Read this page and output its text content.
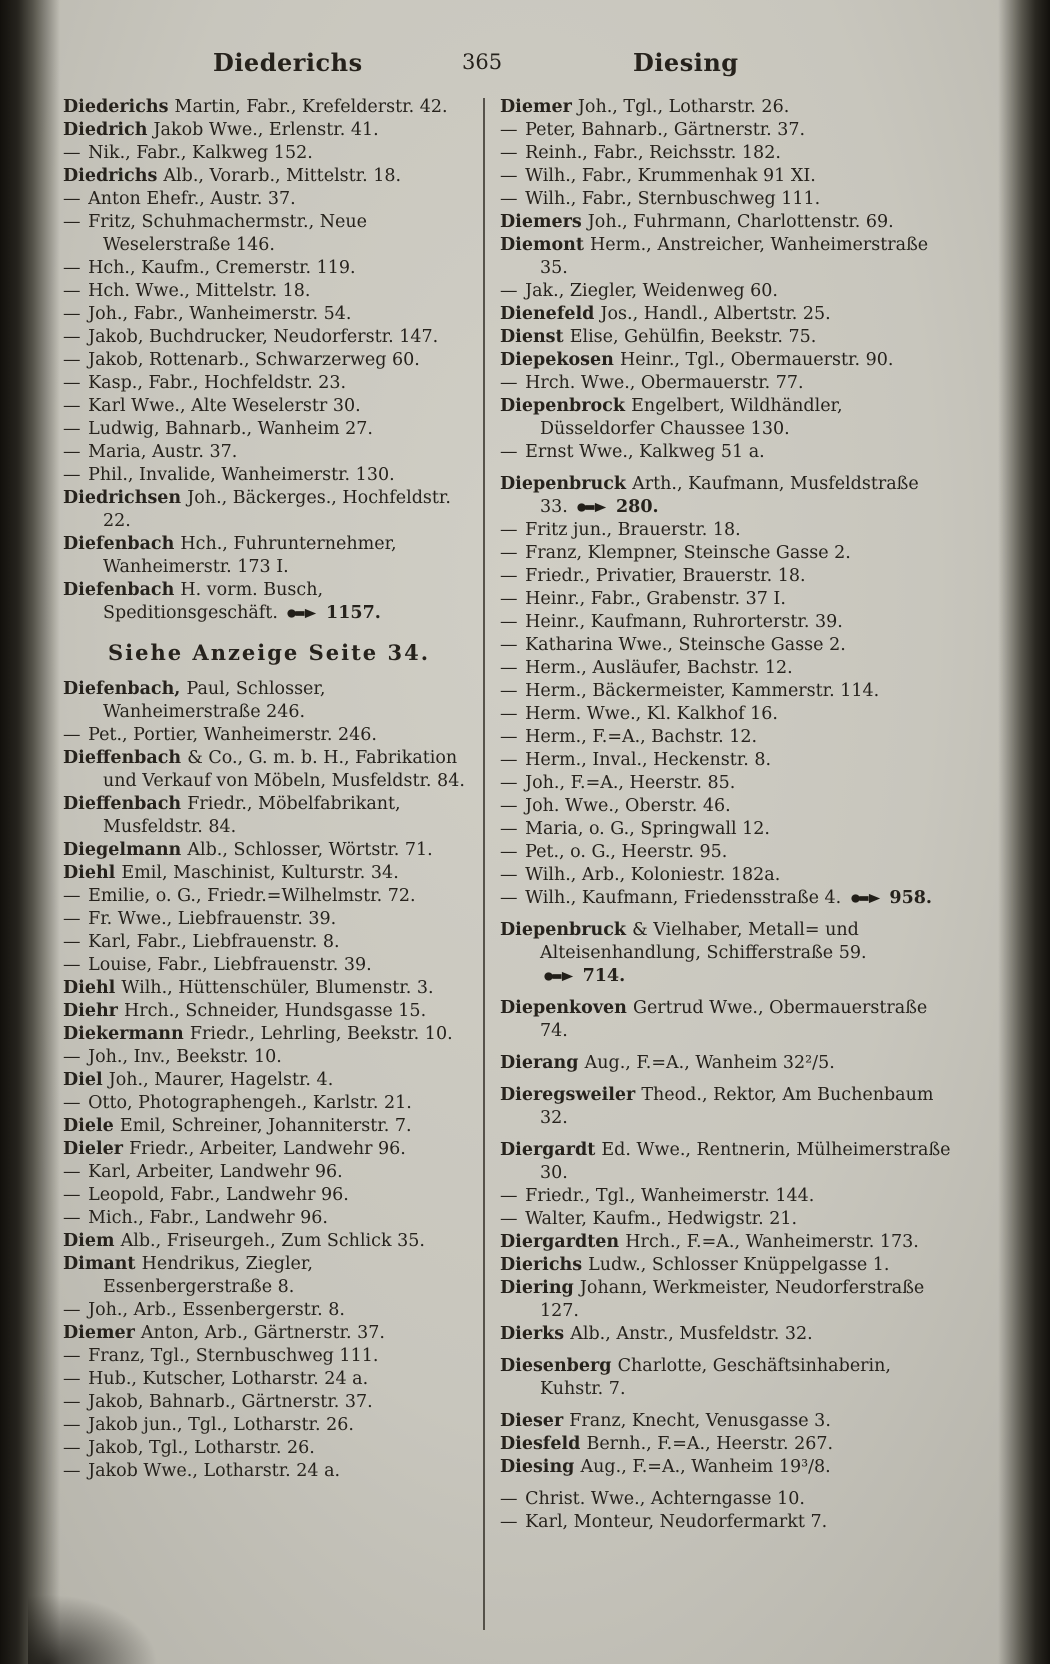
Diederichs	365	Diesing
Diederichs Martin, Fabr., Krefelderstr. 42.
Diedrich Jakob Wwe., Erlenstr. 41.
— Nik., Fabr., Kalkweg 152.
Diedrichs Alb., Vorarb., Mittelstr. 18.
— Anton Ehefr., Austr. 37.
— Fritz, Schuhmachermstr., Neue Weselerstraße 146.
— Hch., Kaufm., Cremerstr. 119.
— Hch. Wwe., Mittelstr. 18.
— Joh., Fabr., Wanheimerstr. 54.
— Jakob, Buchdrucker, Neudorferstr. 147.
— Jakob, Rottenarb., Schwarzerweg 60.
— Kasp., Fabr., Hochfeldstr. 23.
— Karl Wwe., Alte Weselerstr 30.
— Ludwig, Bahnarb., Wanheim 27.
— Maria, Austr. 37.
— Phil., Invalide, Wanheimerstr. 130.
Diedrichsen Joh., Bäckerges., Hochfeldstr. 22.
Diefenbach Hch., Fuhrunternehmer, Wanheimerstr. 173 I.
Diefenbach H. vorm. Busch, Speditionsgeschäft.	1157.
Siehe Anzeige Seite 34.
Diefenbach, Paul, Schlosser, Wanheimerstraße 246.
— Pet., Portier, Wanheimerstr. 246.
Dieffenbach & Co., G. m. b. H., Fabrikation und Verkauf von Möbeln, Musfeldstr. 84.
Dieffenbach Friedr., Möbelfabrikant, Musfeldstr. 84.
Diegelmann Alb., Schlosser, Wörtstr. 71.
Diehl Emil, Maschinist, Kulturstr. 34.
— Emilie, o. G., Friedr.=Wilhelmstr. 72.
— Fr. Wwe., Liebfrauenstr. 39.
— Karl, Fabr., Liebfrauenstr. 8.
— Louise, Fabr., Liebfrauenstr. 39.
Diehl Wilh., Hüttenschüler, Blumenstr. 3.
Diehr Hrch., Schneider, Hundsgasse 15.
Diekermann Friedr., Lehrling, Beekstr. 10.
— Joh., Inv., Beekstr. 10.
Diel Joh., Maurer, Hagelstr. 4.
— Otto, Photographengeh., Karlstr. 21.
Diele Emil, Schreiner, Johanniterstr. 7.
Dieler Friedr., Arbeiter, Landwehr 96.
— Karl, Arbeiter, Landwehr 96.
— Leopold, Fabr., Landwehr 96.
— Mich., Fabr., Landwehr 96.
Diem Alb., Friseurgeh., Zum Schlick 35.
Dimant Hendrikus, Ziegler, Essenbergerstraße 8.
— Joh., Arb., Essenbergerstr. 8.
Diemer Anton, Arb., Gärtnerstr. 37.
— Franz, Tgl., Sternbuschweg 111.
— Hub., Kutscher, Lotharstr. 24 a.
— Jakob, Bahnarb., Gärtnerstr. 37.
— Jakob jun., Tgl., Lotharstr. 26.
— Jakob, Tgl., Lotharstr. 26.
— Jakob Wwe., Lotharstr. 24 a.
Diemer Joh., Tgl., Lotharstr. 26.
— Peter, Bahnarb., Gärtnerstr. 37.
— Reinh., Fabr., Reichsstr. 182.
— Wilh., Fabr., Krummenhak 91 XI.
— Wilh., Fabr., Sternbuschweg 111.
Diemers Joh., Fuhrmann, Charlottenstr. 69.
Diemont Herm., Anstreicher, Wanheimerstraße 35.
— Jak., Ziegler, Weidenweg 60.
Dienefeld Jos., Handl., Albertstr. 25.
Dienst Elise, Gehülfin, Beekstr. 75.
Diepekosen Heinr., Tgl., Obermauerstr. 90.
— Hrch. Wwe., Obermauerstr. 77.
Diepenbrock Engelbert, Wildhändler, Düsseldorfer Chaussee 130.
— Ernst Wwe., Kalkweg 51 a.
Diepenbruck Arth., Kaufmann, Musfeldstraße 33.	280.
— Fritz jun., Brauerstr. 18.
— Franz, Klempner, Steinsche Gasse 2.
— Friedr., Privatier, Brauerstr. 18.
— Heinr., Fabr., Grabenstr. 37 I.
— Heinr., Kaufmann, Ruhrorterstr. 39.
— Katharina Wwe., Steinsche Gasse 2.
— Herm., Ausläufer, Bachstr. 12.
— Herm., Bäckermeister, Kammerstr. 114.
— Herm. Wwe., Kl. Kalkhof 16.
— Herm., F.=A., Bachstr. 12.
— Herm., Inval., Heckenstr. 8.
— Joh., F.=A., Heerstr. 85.
— Joh. Wwe., Oberstr. 46.
— Maria, o. G., Springwall 12.
— Pet., o. G., Heerstr. 95.
— Wilh., Arb., Koloniestr. 182a.
— Wilh., Kaufmann, Friedensstraße 4.	958.
Diepenbruck & Vielhaber, Metall= und Alteisenhandlung, Schifferstraße 59.  714.
Diepenkoven Gertrud Wwe., Obermauerstraße 74.
Dierang Aug., F.=A., Wanheim 32²/5.
Dieregsweiler Theod., Rektor, Am Buchenbaum 32.
Diergardt Ed. Wwe., Rentnerin, Mülheimerstraße 30.
— Friedr., Tgl., Wanheimerstr. 144.
— Walter, Kaufm., Hedwigstr. 21.
Diergardten Hrch., F.=A., Wanheimerstr. 173.
Dierichs Ludw., Schlosser Knüppelgasse 1.
Diering Johann, Werkmeister, Neudorferstraße 127.
Dierks Alb., Anstr., Musfeldstr. 32.
Diesenberg Charlotte, Geschäftsinhaberin, Kuhstr. 7.
Dieser Franz, Knecht, Venusgasse 3.
Diesfeld Bernh., F.=A., Heerstr. 267.
Diesing Aug., F.=A., Wanheim 19³/8.
— Christ. Wwe., Achterngasse 10.
— Karl, Monteur, Neudorfermarkt 7.
